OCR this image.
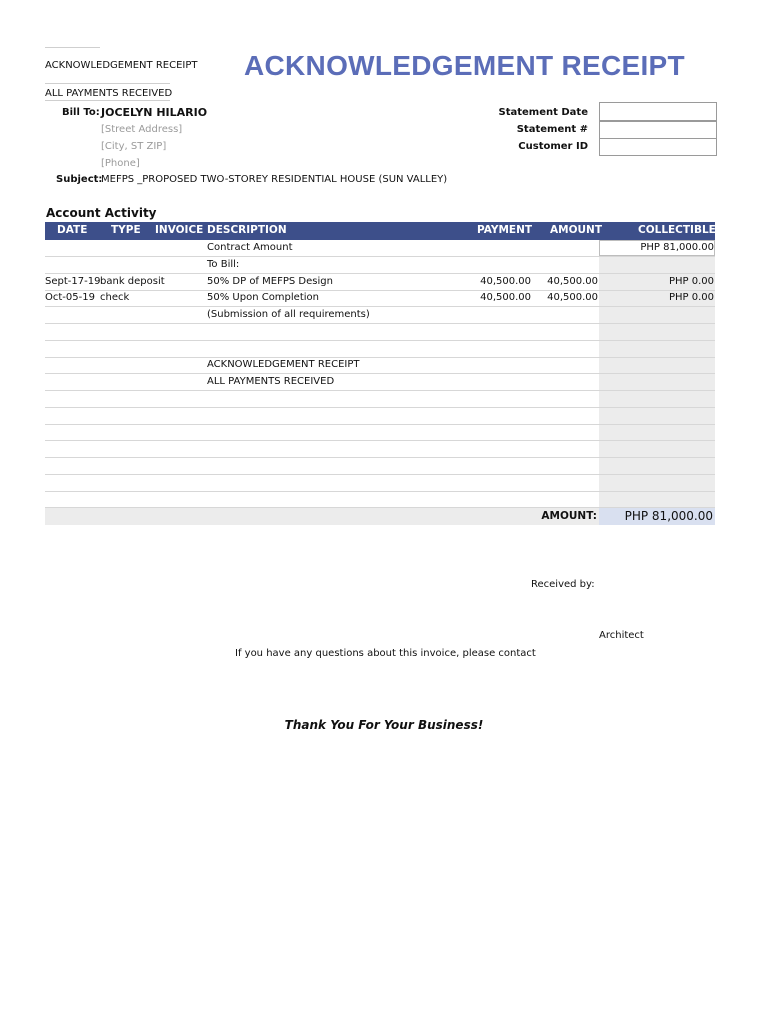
ACKNOWLEDGEMENT RECEIPT
ALL PAYMENTS RECEIVED
ACKNOWLEDGEMENT RECEIPT
Bill To: JOCELYN HILARIO
[Street Address]
[City, ST ZIP]
[Phone]
Statement Date
Statement #
Customer ID
Subject:
MEFPS _PROPOSED TWO-STOREY RESIDENTIAL HOUSE (SUN VALLEY)
Account Activity
DATE TYPE INVOICE DESCRIPTION	PAYMENT AMOUNT	COLLECTIBLE
Contract Amount	PHP 81,000.00
To Bill:
Sept-17-19 bank deposit	50% DP of MEFPS Design	40,500.00 40,500.00	PHP 0.00
Oct-05-19 check	50% Upon Completion	40,500.00 40,500.00	PHP 0.00
(Submission of all requirements)
ACKNOWLEDGEMENT RECEIPT
ALL PAYMENTS RECEIVED
AMOUNT:	PHP 81,000.00
Received by:
Architect
If you have any questions about this invoice, please contact
Thank You For Your Business!
